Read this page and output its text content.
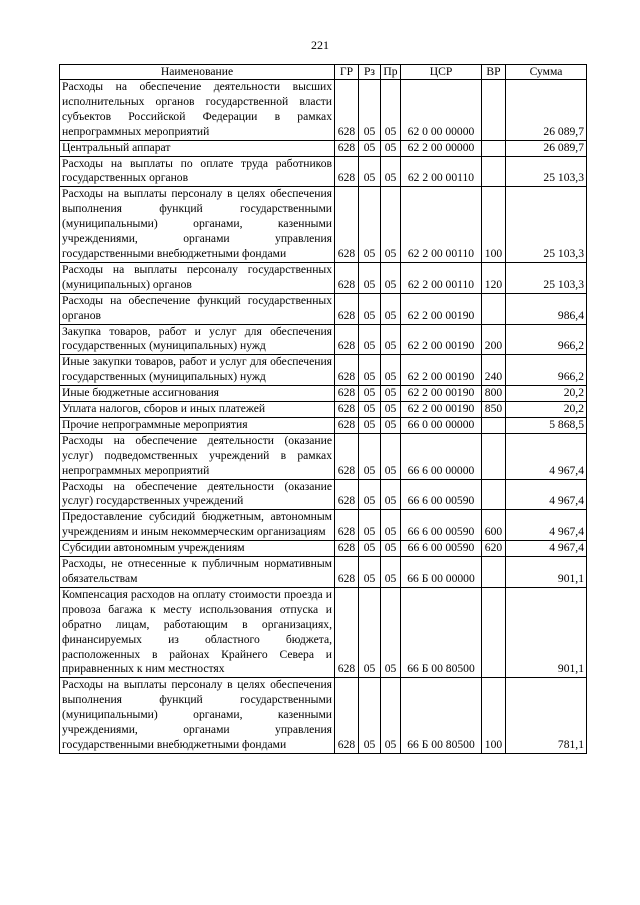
221
Наименование	ГР	Рз	Пр	ЦСР	ВР	Сумма
Расходы на обеспечение деятельности высших исполнительных органов государственной власти субъектов Российской Федерации в рамках непрограммных мероприятий	628	05	05	62 0 00 00000		26 089,7
Центральный аппарат	628	05	05	62 2 00 00000		26 089,7
Расходы на выплаты по оплате труда работников государственных органов	628	05	05	62 2 00 00110		25 103,3
Расходы на выплаты персоналу в целях обеспечения выполнения функций государственными (муниципальными) органами, казенными учреждениями, органами управления государственными внебюджетными фондами	628	05	05	62 2 00 00110	100	25 103,3
Расходы на выплаты персоналу государственных (муниципальных) органов	628	05	05	62 2 00 00110	120	25 103,3
Расходы на обеспечение функций государственных органов	628	05	05	62 2 00 00190		986,4
Закупка товаров, работ и услуг для обеспечения государственных (муниципальных) нужд	628	05	05	62 2 00 00190	200	966,2
Иные закупки товаров, работ и услуг для обеспечения государственных (муниципальных) нужд	628	05	05	62 2 00 00190	240	966,2
Иные бюджетные ассигнования	628	05	05	62 2 00 00190	800	20,2
Уплата налогов, сборов и иных платежей	628	05	05	62 2 00 00190	850	20,2
Прочие непрограммные мероприятия	628	05	05	66 0 00 00000		5 868,5
Расходы на обеспечение деятельности (оказание услуг) подведомственных учреждений в рамках непрограммных мероприятий	628	05	05	66 6 00 00000		4 967,4
Расходы на обеспечение деятельности (оказание услуг) государственных учреждений	628	05	05	66 6 00 00590		4 967,4
Предоставление субсидий бюджетным, автономным учреждениям и иным некоммерческим организациям	628	05	05	66 6 00 00590	600	4 967,4
Субсидии автономным учреждениям	628	05	05	66 6 00 00590	620	4 967,4
Расходы, не отнесенные к публичным нормативным обязательствам	628	05	05	66 Б 00 00000		901,1
Компенсация расходов на оплату стоимости проезда и провоза багажа к месту использования отпуска и обратно лицам, работающим в организациях, финансируемых из областного бюджета, расположенных в районах Крайнего Севера и приравненных к ним местностях	628	05	05	66 Б 00 80500		901,1
Расходы на выплаты персоналу в целях обеспечения выполнения функций государственными (муниципальными) органами, казенными учреждениями, органами управления государственными внебюджетными фондами	628	05	05	66 Б 00 80500	100	781,1
